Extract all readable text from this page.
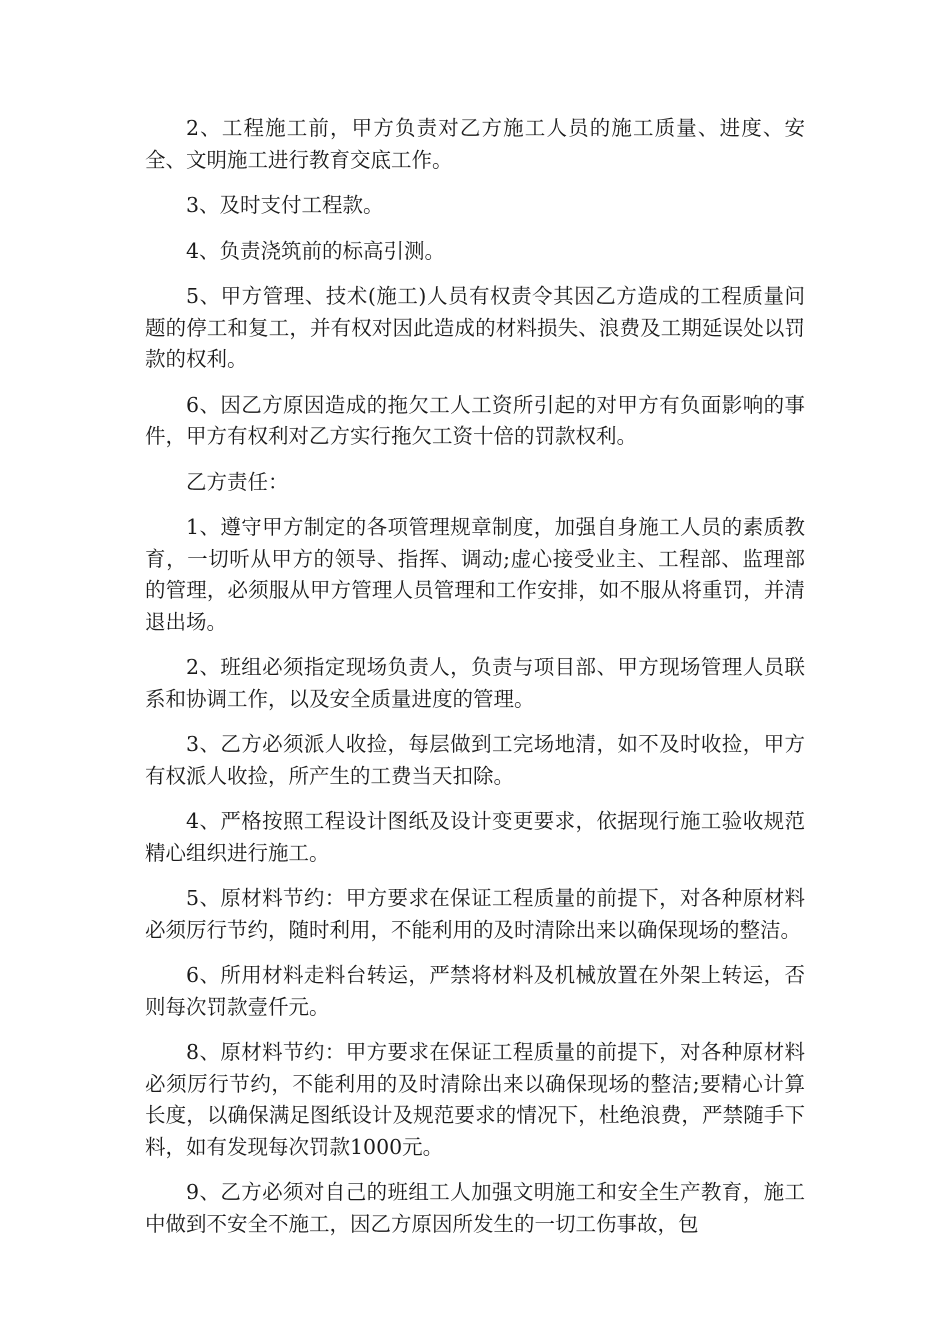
2、工程施工前，甲方负责对乙方施工人员的施工质量、进度、安全、文明施工进行教育交底工作。

3、及时支付工程款。

4、负责浇筑前的标高引测。

5、甲方管理、技术(施工)人员有权责令其因乙方造成的工程质量问题的停工和复工，并有权对因此造成的材料损失、浪费及工期延误处以罚款的权利。

6、因乙方原因造成的拖欠工人工资所引起的对甲方有负面影响的事件，甲方有权利对乙方实行拖欠工资十倍的罚款权利。

乙方责任：

1、遵守甲方制定的各项管理规章制度，加强自身施工人员的素质教育，一切听从甲方的领导、指挥、调动;虚心接受业主、工程部、监理部的管理，必须服从甲方管理人员管理和工作安排，如不服从将重罚，并清退出场。

2、班组必须指定现场负责人，负责与项目部、甲方现场管理人员联系和协调工作，以及安全质量进度的管理。

3、乙方必须派人收捡，每层做到工完场地清，如不及时收捡，甲方有权派人收捡，所产生的工费当天扣除。

4、严格按照工程设计图纸及设计变更要求，依据现行施工验收规范精心组织进行施工。

5、原材料节约：甲方要求在保证工程质量的前提下，对各种原材料必须厉行节约，随时利用，不能利用的及时清除出来以确保现场的整洁。

6、所用材料走料台转运，严禁将材料及机械放置在外架上转运，否则每次罚款壹仟元。

8、原材料节约：甲方要求在保证工程质量的前提下，对各种原材料必须厉行节约，不能利用的及时清除出来以确保现场的整洁;要精心计算长度，以确保满足图纸设计及规范要求的情况下，杜绝浪费，严禁随手下料，如有发现每次罚款1000元。

9、乙方必须对自己的班组工人加强文明施工和安全生产教育，施工中做到不安全不施工，因乙方原因所发生的一切工伤事故，包
